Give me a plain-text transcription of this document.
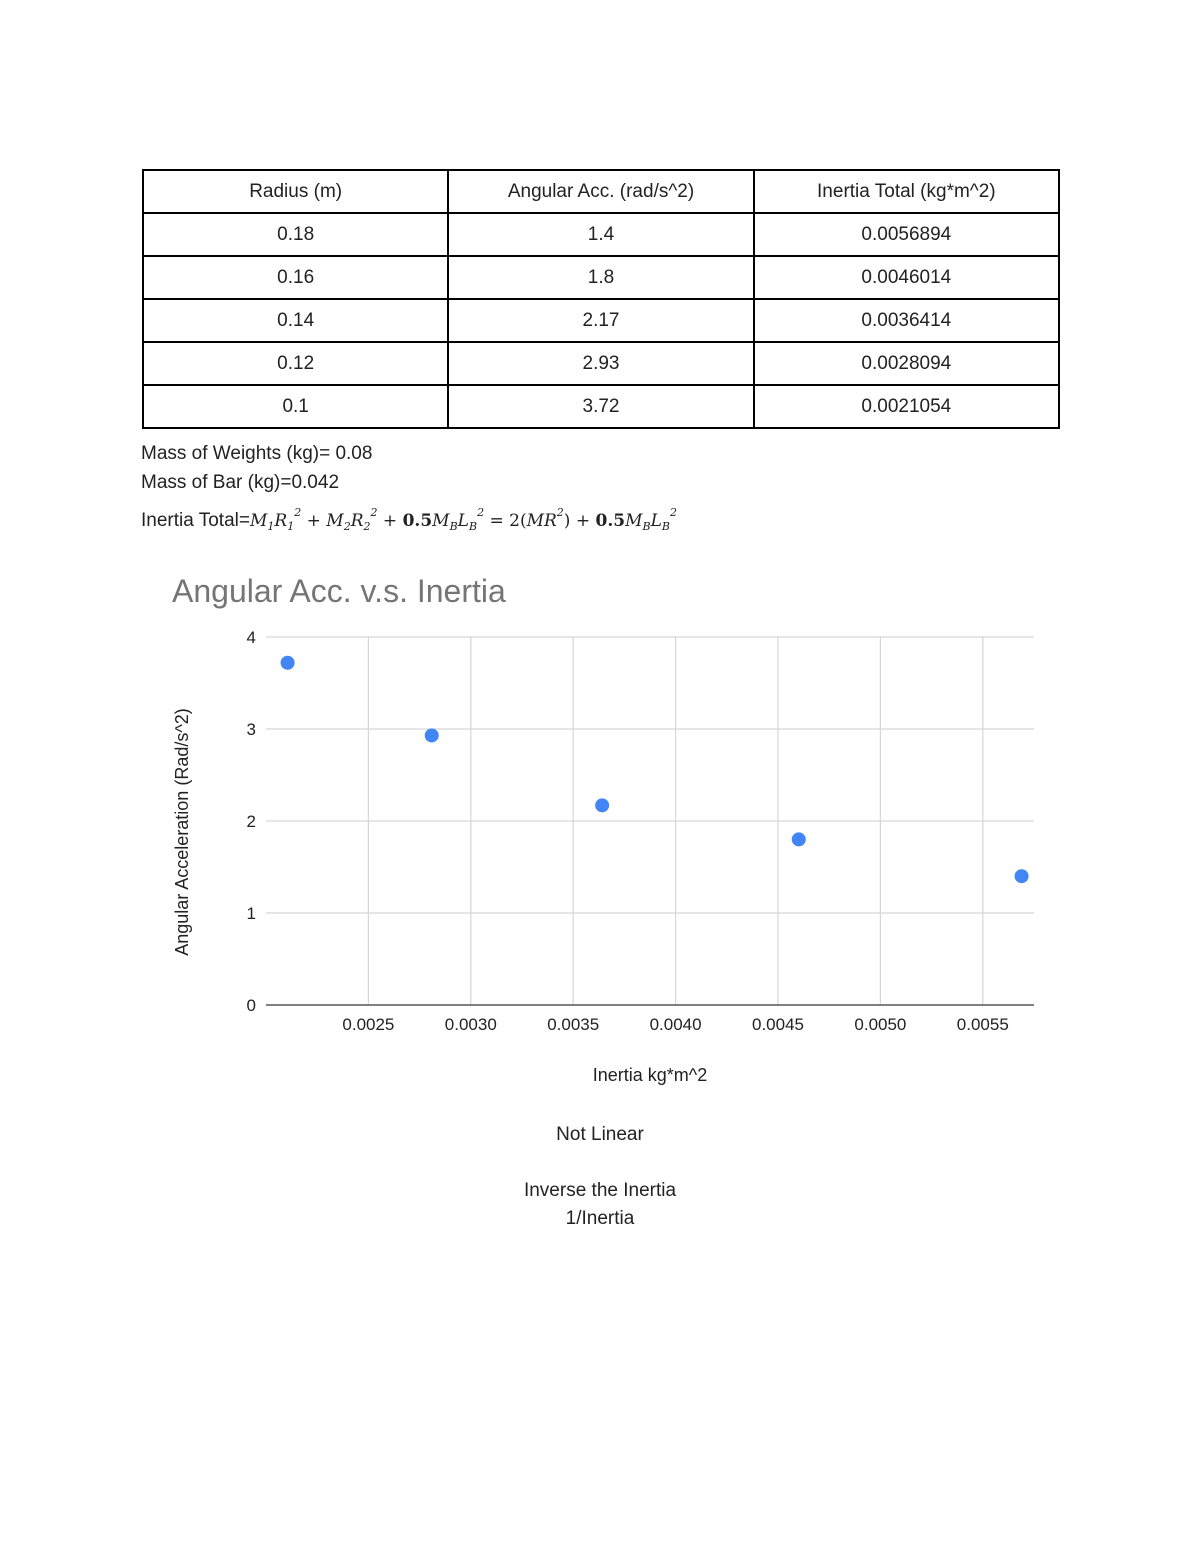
Radius (m)	Angular Acc. (rad/s^2)	Inertia Total (kg*m^2)
0.18	1.4	0.0056894
0.16	1.8	0.0046014
0.14	2.17	0.0036414
0.12	2.93	0.0028094
0.1	3.72	0.0021054
Mass of Weights (kg)= 0.08
Mass of Bar (kg)=0.042
Inertia $Total=M_1R_1^2 + M_2R_2^2 + 0.5M_BL_B^2 = 2(MR^2) + 0.5M_BL_B^2$
Angular Acc. v.s. Inertia
0
1
2
3
4
0.0025	0.0030	0.0035	0.0040	0.0045	0.0050	0.0055
Inertia kg*m^2
Angular Acceleration (Rad/s^2)
Not Linear
Inverse the Inertia
1/Inertia
